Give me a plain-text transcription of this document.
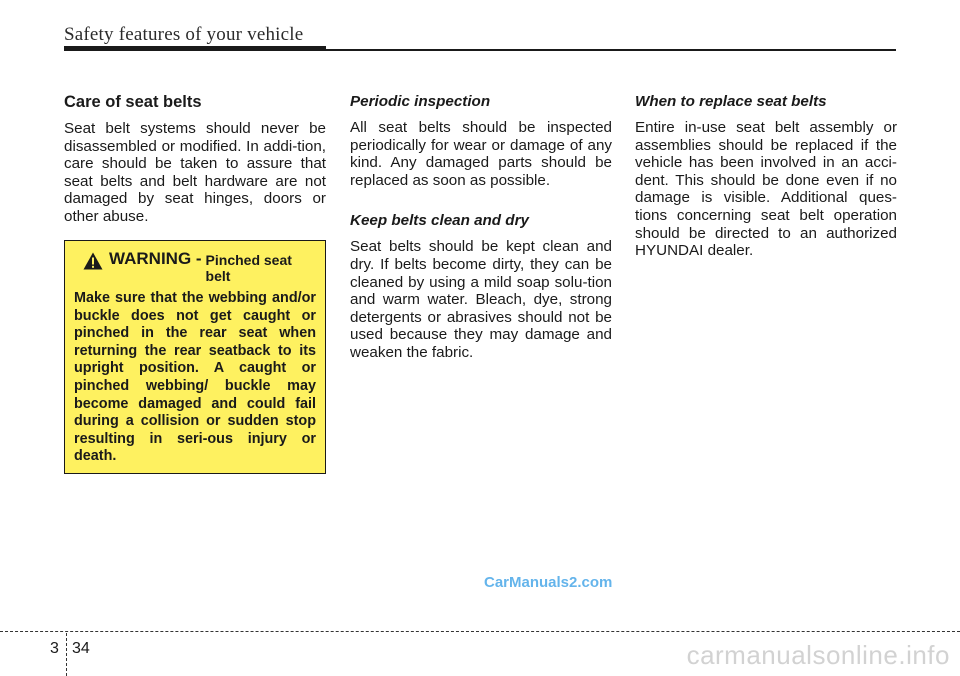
Safety features of your vehicle
Care of seat belts

Seat belt systems should never be disassembled or modified. In addi-tion, care should be taken to assure that seat belts and belt hardware are not damaged by seat hinges, doors or other abuse.

WARNING - Pinched seat belt
Make sure that the webbing and/or buckle does not get caught or pinched in the rear seat when returning the rear seatback to its upright position. A caught or pinched webbing/ buckle may become damaged and could fail during a collision or sudden stop resulting in seri-ous injury or death.
Periodic inspection

All seat belts should be inspected periodically for wear or damage of any kind. Any damaged parts should be replaced as soon as possible.

Keep belts clean and dry

Seat belts should be kept clean and dry. If belts become dirty, they can be cleaned by using a mild soap solu-tion and warm water. Bleach, dye, strong detergents or abrasives should not be used because they may damage and weaken the fabric.

When to replace seat belts

Entire in-use seat belt assembly or assemblies should be replaced if the vehicle has been involved in an acci-dent. This should be done even if no damage is visible. Additional ques-tions concerning seat belt operation should be directed to an authorized HYUNDAI dealer.

CarManuals2.com
3 34	carmanualsonline.info
